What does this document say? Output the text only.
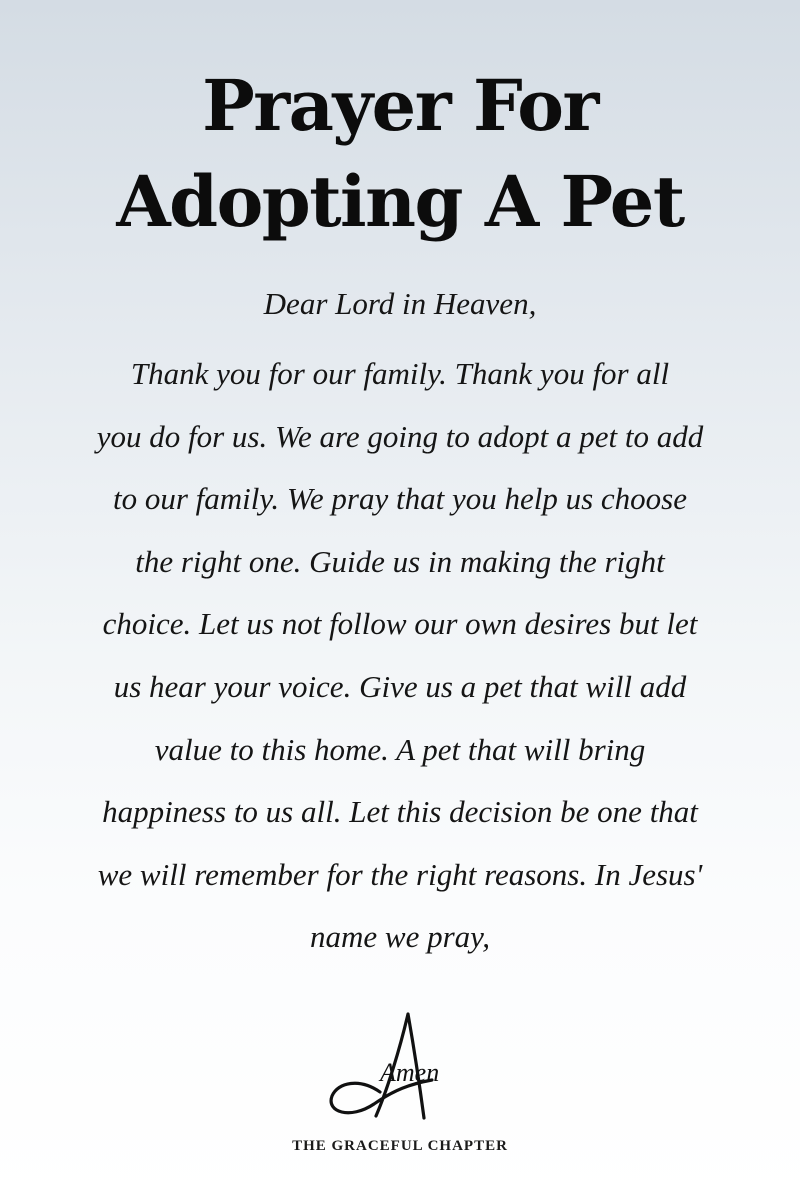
Prayer For
Adopting A Pet

Dear Lord in Heaven,

Thank you for our family. Thank you for all
you do for us. We are going to adopt a pet to add
to our family. We pray that you help us choose
the right one. Guide us in making the right
choice. Let us not follow our own desires but let
us hear your voice. Give us a pet that will add
value to this home. A pet that will bring
happiness to us all. Let this decision be one that
we will remember for the right reasons. In Jesus'
name we pray,

Amen

THE GRACEFUL CHAPTER
